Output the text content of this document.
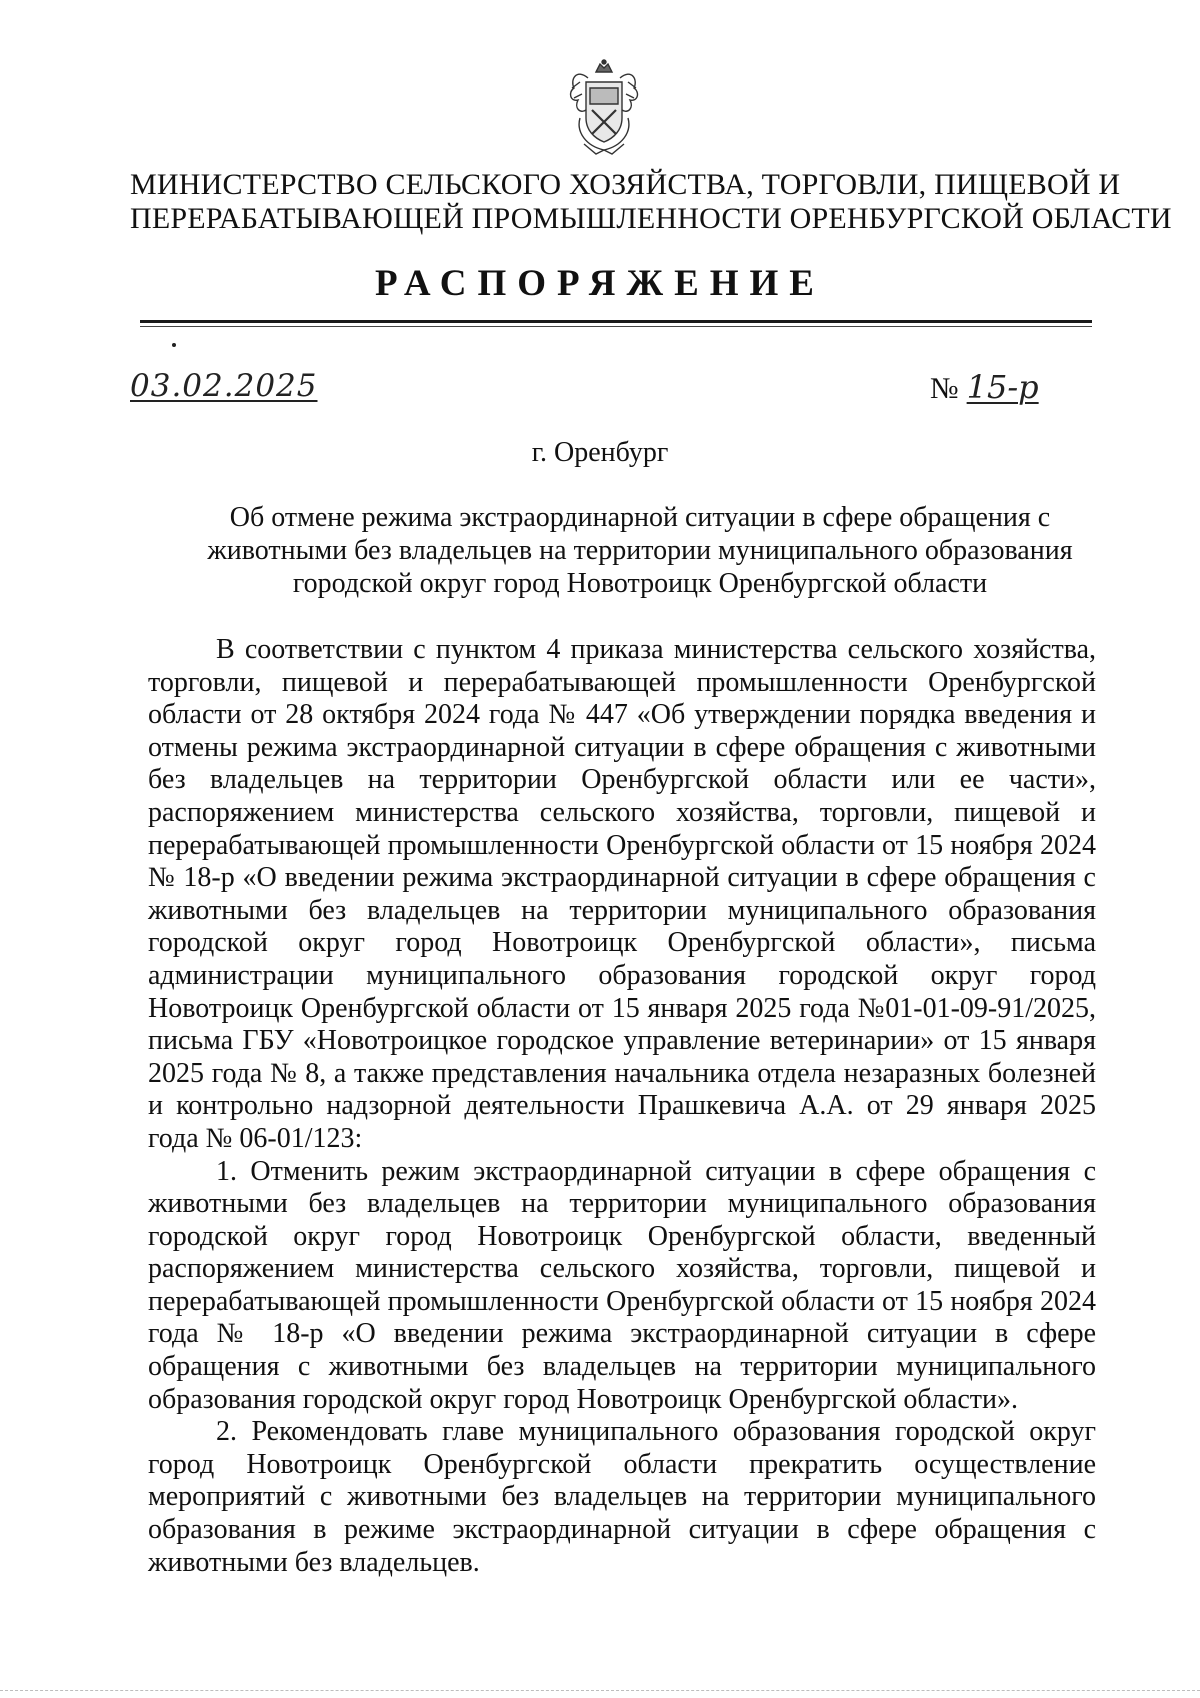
МИНИСТЕРСТВО СЕЛЬСКОГО ХОЗЯЙСТВА, ТОРГОВЛИ, ПИЩЕВОЙ И
ПЕРЕРАБАТЫВАЮЩЕЙ ПРОМЫШЛЕННОСТИ ОРЕНБУРГСКОЙ ОБЛАСТИ
РАСПОРЯЖЕНИЕ
03.02.2025	№ 15-р
г. Оренбург
Об отмене режима экстраординарной ситуации в сфере обращения с
животными без владельцев на территории муниципального образования
городской округ город Новотроицк Оренбургской области

В соответствии с пунктом 4 приказа министерства сельского хозяйства, торговли, пищевой и перерабатывающей промышленности Оренбургской области от 28 октября 2024 года № 447 «Об утверждении порядка введения и отмены режима экстраординарной ситуации в сфере обращения с животными без владельцев на территории Оренбургской области или ее части», распоряжением министерства сельского хозяйства, торговли, пищевой и перерабатывающей промышленности Оренбургской области от 15 ноября 2024 № 18-р «О введении режима экстраординарной ситуации в сфере обращения с животными без владельцев на территории муниципального образования городской округ город Новотроицк Оренбургской области», письма администрации муниципального образования городской округ город Новотроицк Оренбургской области от 15 января 2025 года №01-01-09-91/2025, письма ГБУ «Новотроицкое городское управление ветеринарии» от 15 января 2025 года № 8, а также представления начальника отдела незаразных болезней и контрольно надзорной деятельности Прашкевича А.А. от 29 января 2025 года № 06-01/123:

1. Отменить режим экстраординарной ситуации в сфере обращения с животными без владельцев на территории муниципального образования городской округ город Новотроицк Оренбургской области, введенный распоряжением министерства сельского хозяйства, торговли, пищевой и перерабатывающей промышленности Оренбургской области от 15 ноября 2024 года № 18-р «О введении режима экстраординарной ситуации в сфере обращения с животными без владельцев на территории муниципального образования городской округ город Новотроицк Оренбургской области».

2. Рекомендовать главе муниципального образования городской округ город Новотроицк Оренбургской области прекратить осуществление мероприятий с животными без владельцев на территории муниципального образования в режиме экстраординарной ситуации в сфере обращения с животными без владельцев.
